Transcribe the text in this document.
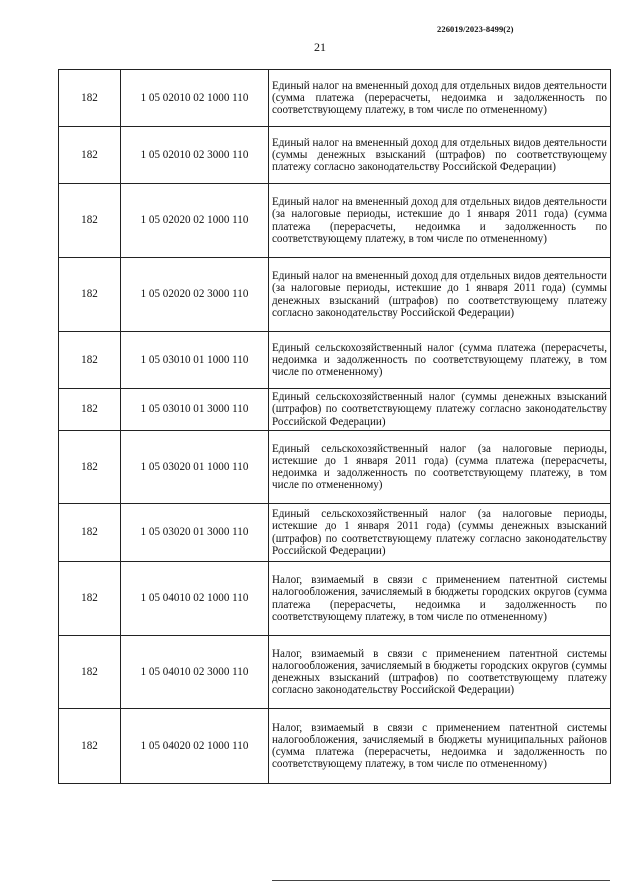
226019/2023-8499(2)
21
182	1 05 02010 02 1000 110	Единый налог на вмененный доход для отдельных видов деятельности (сумма платежа (перерасчеты, недоимка и задолженность по соответствующему платежу, в том числе по отмененному)
182	1 05 02010 02 3000 110	Единый налог на вмененный доход для отдельных видов деятельности (суммы денежных взысканий (штрафов) по соответствующему платежу согласно законодательству Российской Федерации)
182	1 05 02020 02 1000 110	Единый налог на вмененный доход для отдельных видов деятельности (за налоговые периоды, истекшие до 1 января 2011 года) (сумма платежа (перерасчеты, недоимка и задолженность по соответствующему платежу, в том числе по отмененному)
182	1 05 02020 02 3000 110	Единый налог на вмененный доход для отдельных видов деятельности (за налоговые периоды, истекшие до 1 января 2011 года) (суммы денежных взысканий (штрафов) по соответствующему платежу согласно законодательству Российской Федерации)
182	1 05 03010 01 1000 110	Единый сельскохозяйственный налог (сумма платежа (перерасчеты, недоимка и задолженность по соответствующему платежу, в том числе по отмененному)
182	1 05 03010 01 3000 110	Единый сельскохозяйственный налог (суммы денежных взысканий (штрафов) по соответствующему платежу согласно законодательству Российской Федерации)
182	1 05 03020 01 1000 110	Единый сельскохозяйственный налог (за налоговые периоды, истекшие до 1 января 2011 года) (сумма платежа (перерасчеты, недоимка и задолженность по соответствующему платежу, в том числе по отмененному)
182	1 05 03020 01 3000 110	Единый сельскохозяйственный налог (за налоговые периоды, истекшие до 1 января 2011 года) (суммы денежных взысканий (штрафов) по соответствующему платежу согласно законодательству Российской Федерации)
182	1 05 04010 02 1000 110	Налог, взимаемый в связи с применением патентной системы налогообложения, зачисляемый в бюджеты городских округов (сумма платежа (перерасчеты, недоимка и задолженность по соответствующему платежу, в том числе по отмененному)
182	1 05 04010 02 3000 110	Налог, взимаемый в связи с применением патентной системы налогообложения, зачисляемый в бюджеты городских округов (суммы денежных взысканий (штрафов) по соответствующему платежу согласно законодательству Российской Федерации)
182	1 05 04020 02 1000 110	Налог, взимаемый в связи с применением патентной системы налогообложения, зачисляемый в бюджеты муниципальных районов (сумма платежа (перерасчеты, недоимка и задолженность по соответствующему платежу, в том числе по отмененному)
